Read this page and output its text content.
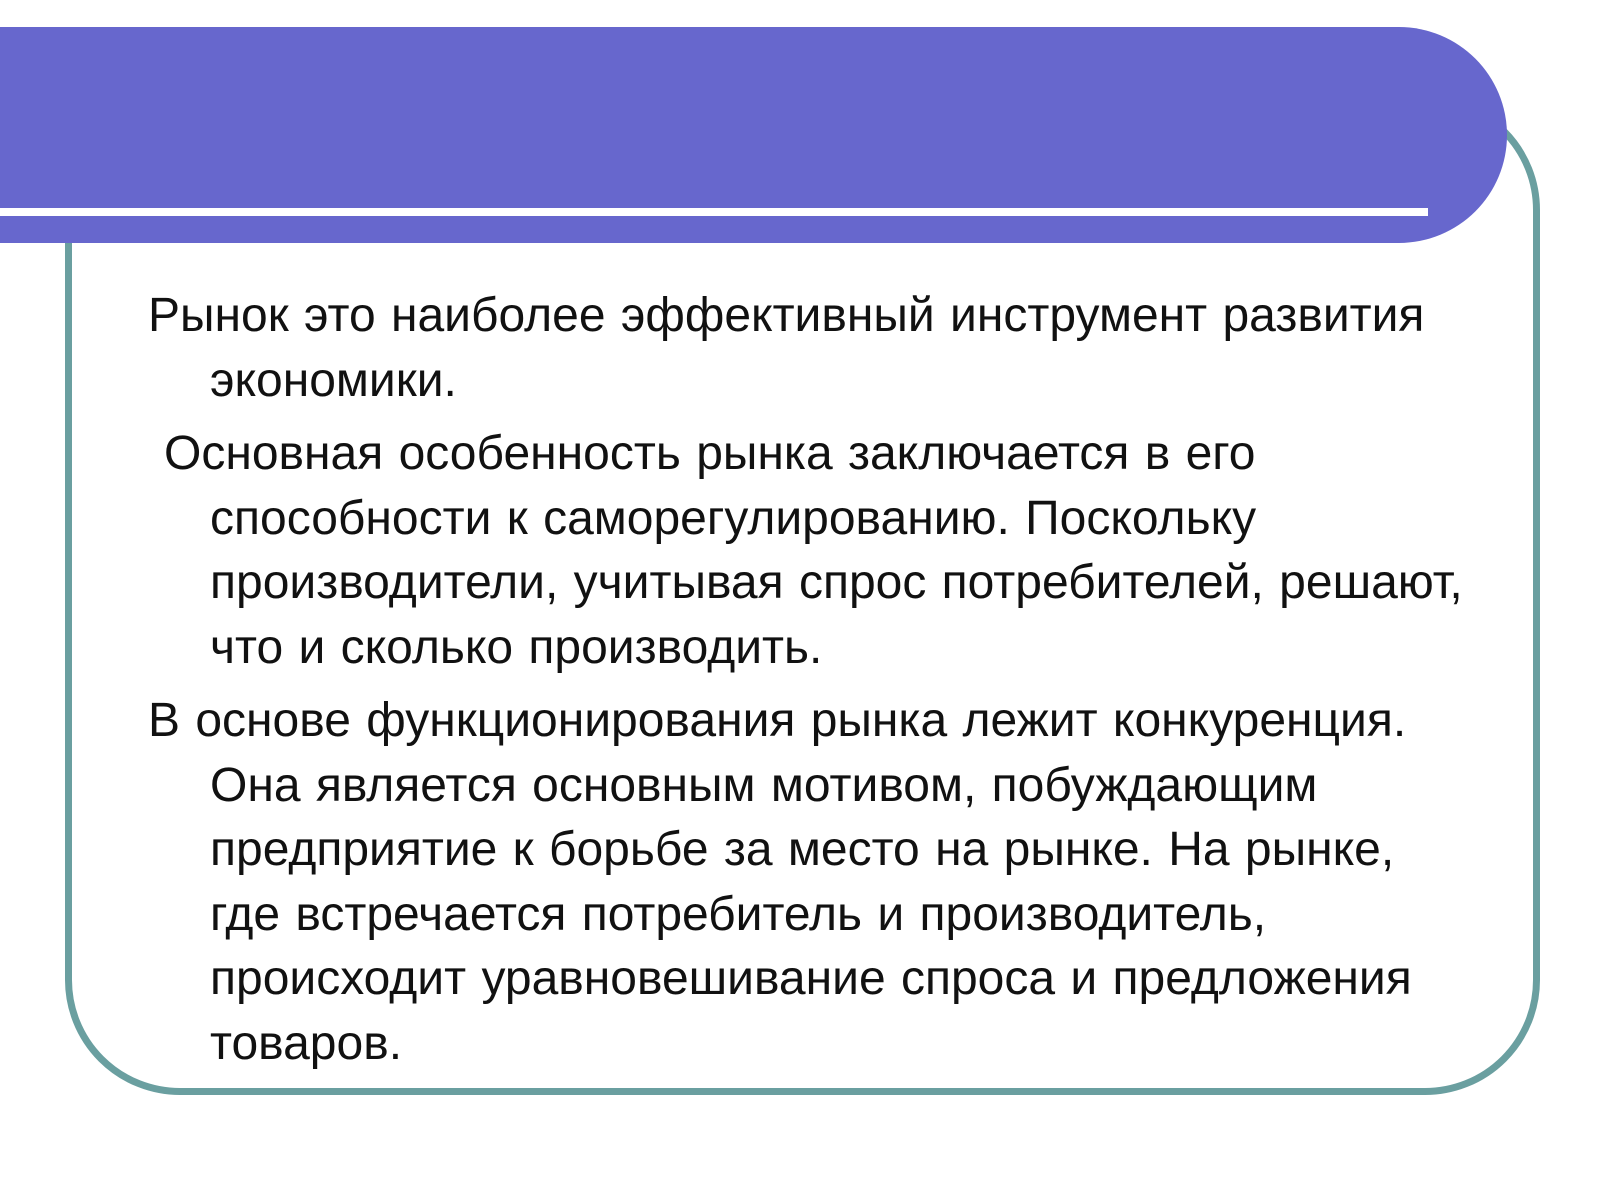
Рынок это наиболее эффективный инструмент развития экономики.

Основная особенность рынка заключается в его способности к саморегулированию. Поскольку производители, учитывая спрос потребителей, решают, что и сколько производить.

В основе функционирования рынка лежит конкуренция. Она является основным мотивом, побуждающим предприятие к борьбе за место на рынке. На рынке, где встречается потребитель и производитель, происходит уравновешивание спроса и предложения товаров.
